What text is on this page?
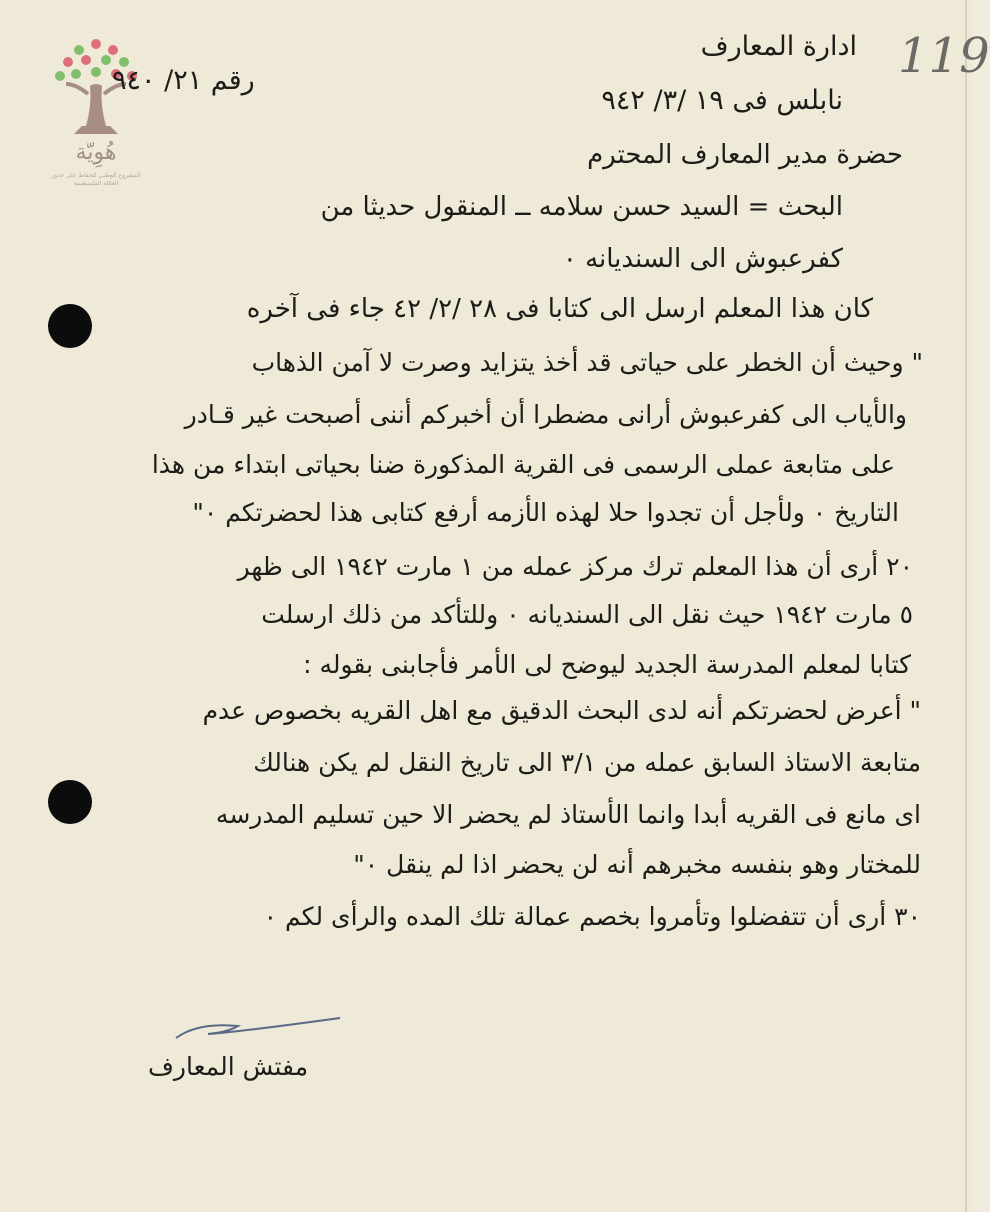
هُوِيّة
المشروع الوطني للحفاظ على جذور العائلة الفلسطينية
119
ادارة المعارف
رقم ٢١/ ٩٤٠
نابلس فى ١٩ /٣/ ٩٤٢
حضرة مدير المعارف المحترم
البحث = السيد حسن سلامه ــ المنقول حديثا من
كفرعبوش الى السنديانه ٠
كان هذا المعلم ارسل الى كتابا فى ٢٨ /٢/ ٤٢ جاء فى آخره
" وحيث أن الخطر على حياتى قد أخذ يتزايد وصرت لا آمن الذهاب
والأياب الى كفرعبوش أرانى مضطرا أن أخبركم أننى أصبحت غير قـادر
على متابعة عملى الرسمى فى القرية المذكورة ضنا بحياتى ابتداء من هذا
التاريخ ٠ ولأجل أن تجدوا حلا لهذه الأزمه أرفع كتابى هذا لحضرتكم ٠"
٢٠ أرى أن هذا المعلم ترك مركز عمله من ١ مارت ١٩٤٢ الى ظهر
٥ مارت ١٩٤٢ حيث نقل الى السنديانه ٠ وللتأكد من ذلك ارسلت
كتابا لمعلم المدرسة الجديد ليوضح لى الأمر فأجابنى بقوله :
" أعرض لحضرتكم أنه لدى البحث الدقيق مع اهل القريه بخصوص عدم
متابعة الاستاذ السابق عمله من ٣/١ الى تاريخ النقل لم يكن هنالك
اى مانع فى القريه أبدا وانما الأستاذ لم يحضر الا حين تسليم المدرسه
للمختار وهو بنفسه مخبرهم أنه لن يحضر اذا لم ينقل ٠"
٣٠ أرى أن تتفضلوا وتأمروا بخصم عمالة تلك المده والرأى لكم ٠
مفتش المعارف
